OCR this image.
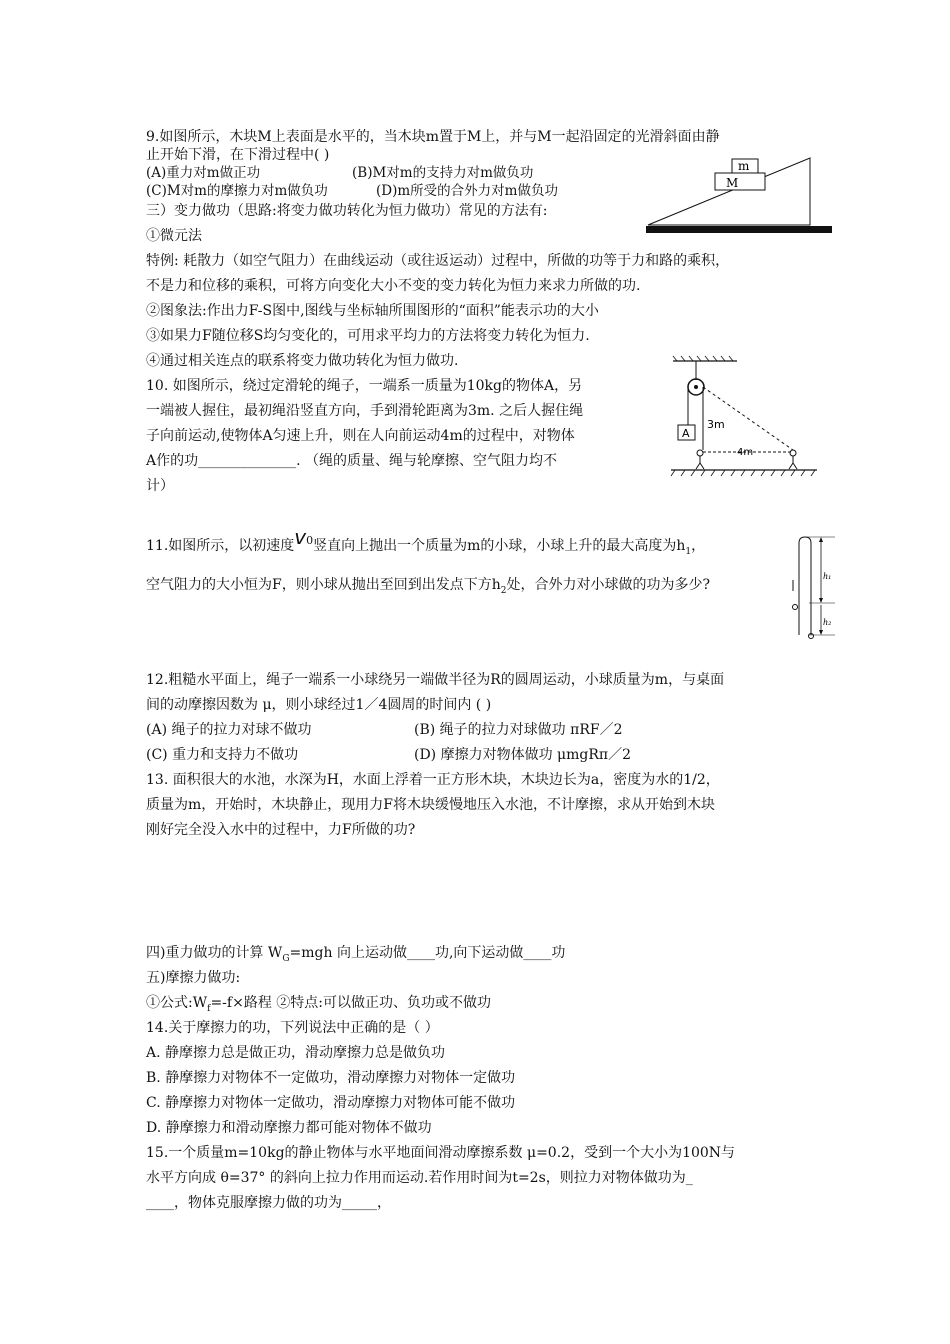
9.如图所示，木块M上表面是水平的，当木块m置于M上，并与M一起沿固定的光滑斜面由静
止开始下滑，在下滑过程中( )
(A)重力对m做正功	(B)M对m的支持力对m做负功
(C)M对m的摩擦力对m做负功	(D)m所受的合外力对m做负功
m
M
三）变力做功（思路:将变力做功转化为恒力做功）常见的方法有:
①微元法
特例: 耗散力（如空气阻力）在曲线运动（或往返运动）过程中，所做的功等于力和路的乘积，
不是力和位移的乘积，可将方向变化大小不变的变力转化为恒力来求力所做的功.
②图象法:作出力F-S图中,图线与坐标轴所围图形的“面积”能表示功的大小
③如果力F随位移S均匀变化的，可用求平均力的方法将变力转化为恒力.
④通过相关连点的联系将变力做功转化为恒力做功.
10. 如图所示，绕过定滑轮的绳子，一端系一质量为10kg的物体A，另
一端被人握住，最初绳沿竖直方向，手到滑轮距离为3m. 之后人握住绳
子向前运动,使物体A匀速上升，则在人向前运动4m的过程中，对物体
A作的功______________. （绳的质量、绳与轮摩擦、空气阻力均不
计）
A
3m
4m
11.如图所示，以初速度$v^0$竖直向上抛出一个质量为m的小球，小球上升的最大高度为$h_1$，
空气阻力的大小恒为F，则小球从抛出至回到出发点下方$h_2$处，合外力对小球做的功为多少?
h₁
h₂
12.粗糙水平面上，绳子一端系一小球绕另一端做半径为R的圆周运动，小球质量为m，与桌面
间的动摩擦因数为 μ，则小球经过1／4圆周的时间内 ( )
(A) 绳子的拉力对球不做功	(B) 绳子的拉力对球做功 πRF／2
(C) 重力和支持力不做功	(D) 摩擦力对物体做功 μmgRπ／2
13. 面积很大的水池，水深为H，水面上浮着一正方形木块，木块边长为a，密度为水的1/2，
质量为m，开始时，木块静止，现用力F将木块缓慢地压入水池，不计摩擦，求从开始到木块
刚好完全没入水中的过程中，力F所做的功?
四)重力做功的计算 $W_G=mgh$ 向上运动做____功,向下运动做____功
五)摩擦力做功:
①公式$:W_f=-f\times$路程 ②特点:可以做正功、负功或不做功
14.关于摩擦力的功，下列说法中正确的是（ ）
A. 静摩擦力总是做正功，滑动摩擦力总是做负功
B. 静摩擦力对物体不一定做功，滑动摩擦力对物体一定做功
C. 静摩擦力对物体一定做功，滑动摩擦力对物体可能不做功
D. 静摩擦力和滑动摩擦力都可能对物体不做功
15.一个质量m=10kg的静止物体与水平地面间滑动摩擦系数 μ=0.2，受到一个大小为100N与
水平方向成 θ=37° 的斜向上拉力作用而运动.若作用时间为t=2s，则拉力对物体做功为_
____，物体克服摩擦力做的功为_____，
